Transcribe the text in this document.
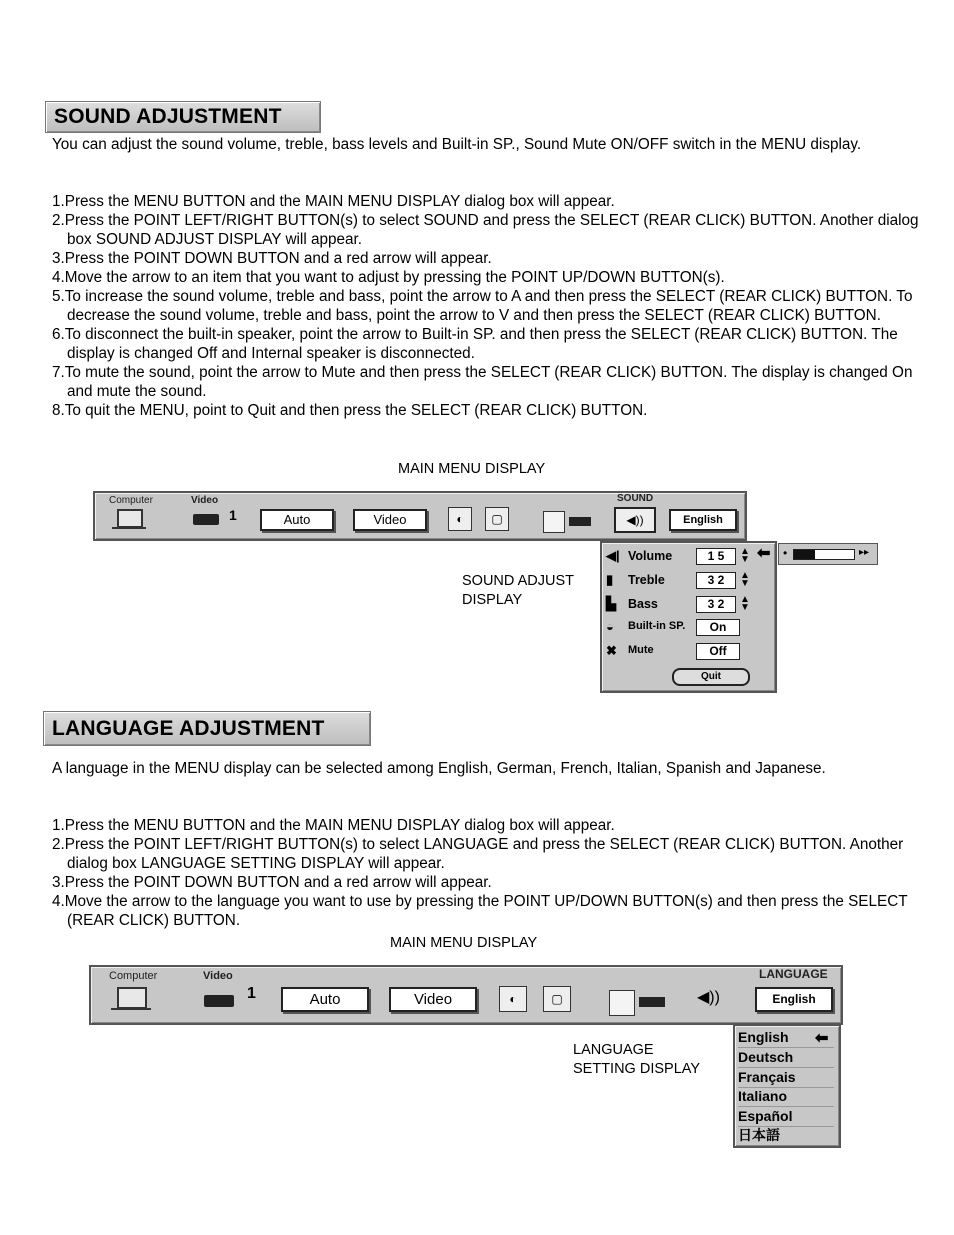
SOUND ADJUSTMENT

You can adjust the sound volume, treble, bass levels and Built-in SP., Sound Mute ON/OFF switch in the MENU display.

1.Press the MENU BUTTON and the MAIN MENU DISPLAY dialog box will appear.
2.Press the POINT LEFT/RIGHT BUTTON(s) to select SOUND and press the SELECT (REAR CLICK) BUTTON. Another dialog box SOUND ADJUST DISPLAY will appear.
3.Press the POINT DOWN BUTTON and a red arrow will appear.
4.Move the arrow to an item that you want to adjust by pressing the POINT UP/DOWN BUTTON(s).
5.To increase the sound volume, treble and bass, point the arrow to A and then press the SELECT (REAR CLICK) BUTTON. To decrease the sound volume, treble and bass, point the arrow to V and then press the SELECT (REAR CLICK) BUTTON.
6.To disconnect the built-in speaker, point the arrow to Built-in SP. and then press the SELECT (REAR CLICK) BUTTON. The display is changed Off and Internal speaker is disconnected.
7.To mute the sound, point the arrow to Mute and then press the SELECT (REAR CLICK) BUTTON. The display is changed On and mute the sound.
8.To quit the MENU, point to Quit and then press the SELECT (REAR CLICK) BUTTON.
MAIN MENU DISPLAY
Computer	Video
1	Auto	Video	◐	▢
SOUND
◀))	English
SOUND ADJUST
DISPLAY
◀| Volume	1 5	▲
▼
▮	Treble	3 2	▲
▼
▙ Bass	3 2	▲
▼
◒	Built-in SP.	On
✖	Mute	Off
Quit
⬅ •	▸▸
LANGUAGE ADJUSTMENT

A language in the MENU display can be selected among English, German, French, Italian, Spanish and Japanese.

1.Press the MENU BUTTON and the MAIN MENU DISPLAY dialog box will appear.
2.Press the POINT LEFT/RIGHT BUTTON(s) to select LANGUAGE and press the SELECT (REAR CLICK) BUTTON. Another dialog box LANGUAGE SETTING DISPLAY will appear.
3.Press the POINT DOWN BUTTON and a red arrow will appear.
4.Move the arrow to the language you want to use by pressing the POINT UP/DOWN BUTTON(s) and then press the SELECT (REAR CLICK) BUTTON.
MAIN MENU DISPLAY
Computer	Video
1	Auto	Video	◐	▢	◀))
LANGUAGE
English
LANGUAGE
SETTING DISPLAY
English
Deutsch
Français
Italiano
Español
日本語
⬅
